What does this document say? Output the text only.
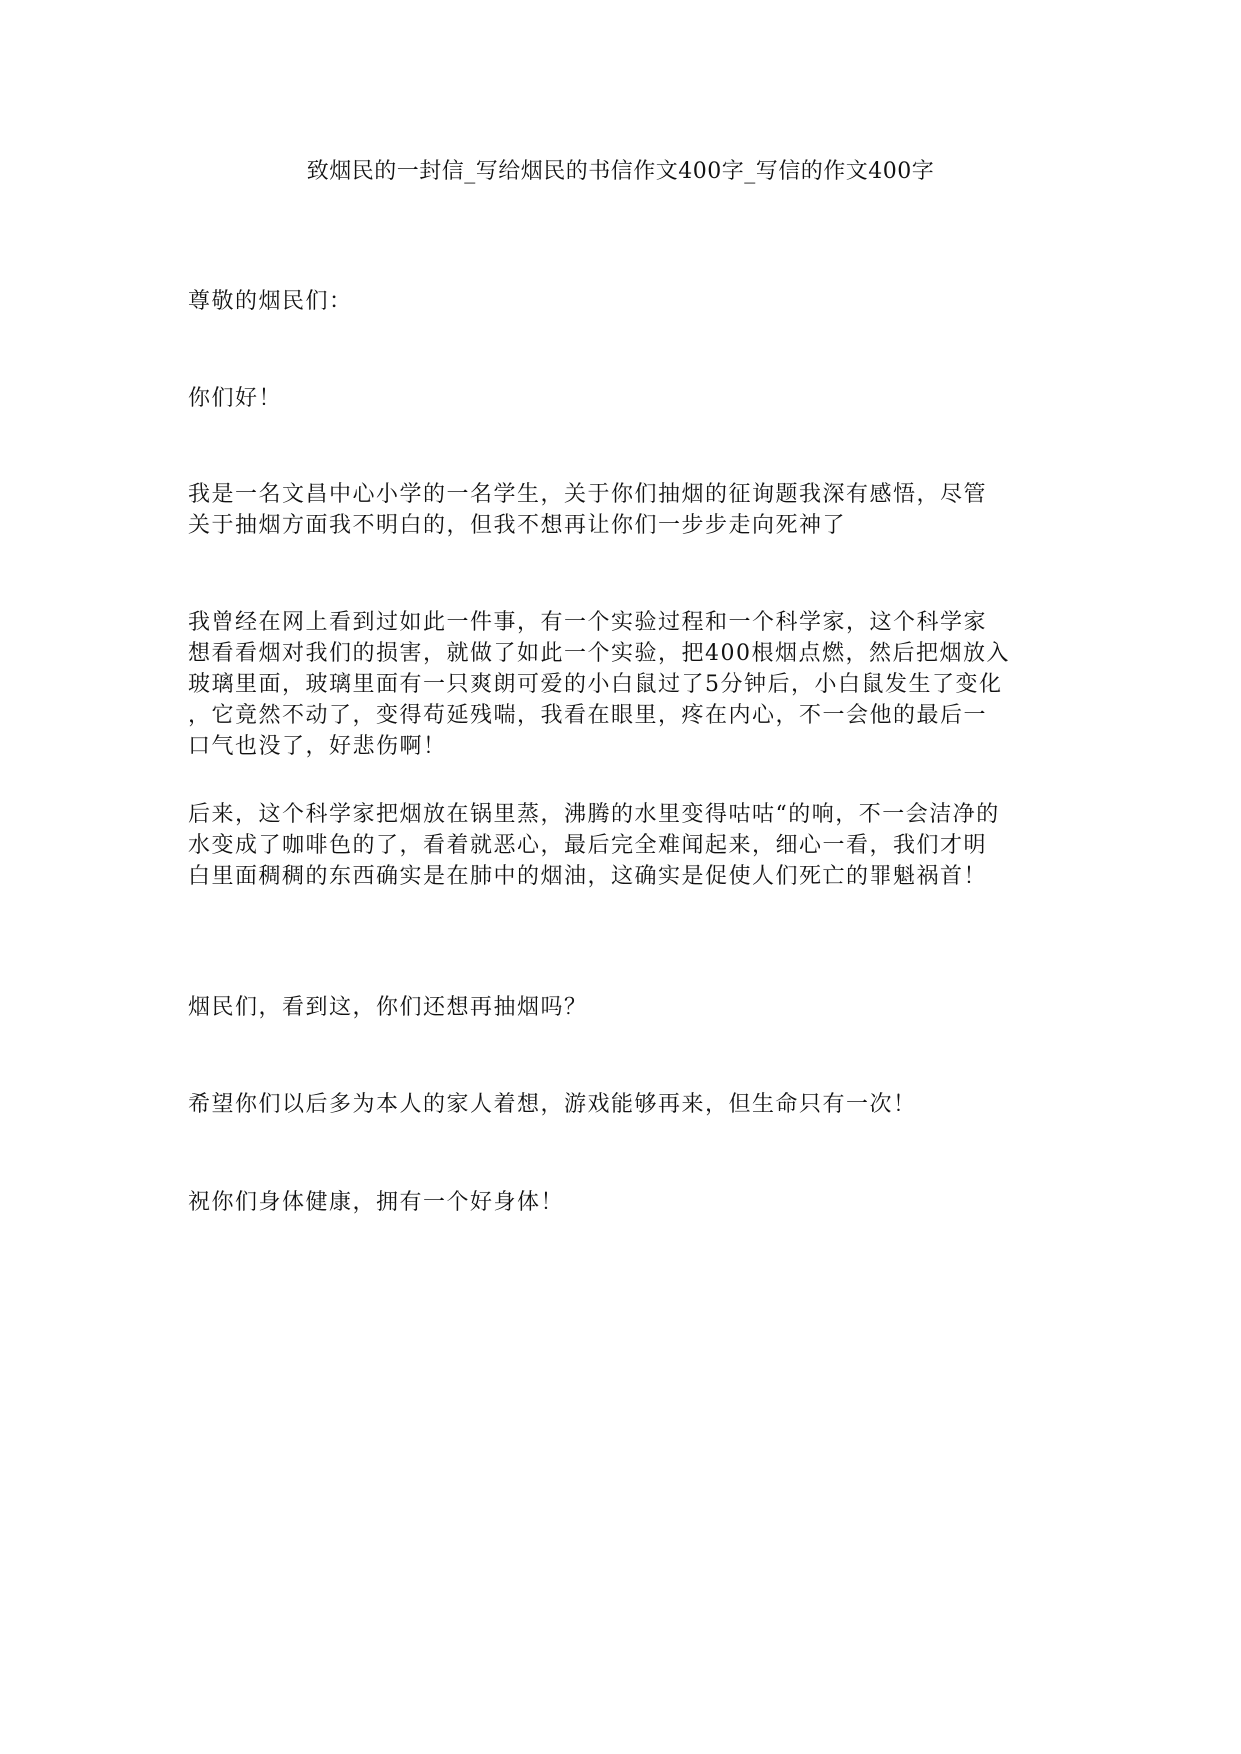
致烟民的一封信_写给烟民的书信作文400字_写信的作文400字

尊敬的烟民们：

你们好！

我是一名文昌中心小学的一名学生，关于你们抽烟的征询题我深有感悟，尽管
关于抽烟方面我不明白的，但我不想再让你们一步步走向死神了

我曾经在网上看到过如此一件事，有一个实验过程和一个科学家，这个科学家
想看看烟对我们的损害，就做了如此一个实验，把400根烟点燃，然后把烟放入
玻璃里面，玻璃里面有一只爽朗可爱的小白鼠过了5分钟后，小白鼠发生了变化
，它竟然不动了，变得苟延残喘，我看在眼里，疼在内心，不一会他的最后一
口气也没了，好悲伤啊！

后来，这个科学家把烟放在锅里蒸，沸腾的水里变得咕咕“的响，不一会洁净的
水变成了咖啡色的了，看着就恶心，最后完全难闻起来，细心一看，我们才明
白里面稠稠的东西确实是在肺中的烟油，这确实是促使人们死亡的罪魁祸首！

烟民们，看到这，你们还想再抽烟吗？

希望你们以后多为本人的家人着想，游戏能够再来，但生命只有一次！

祝你们身体健康，拥有一个好身体！
